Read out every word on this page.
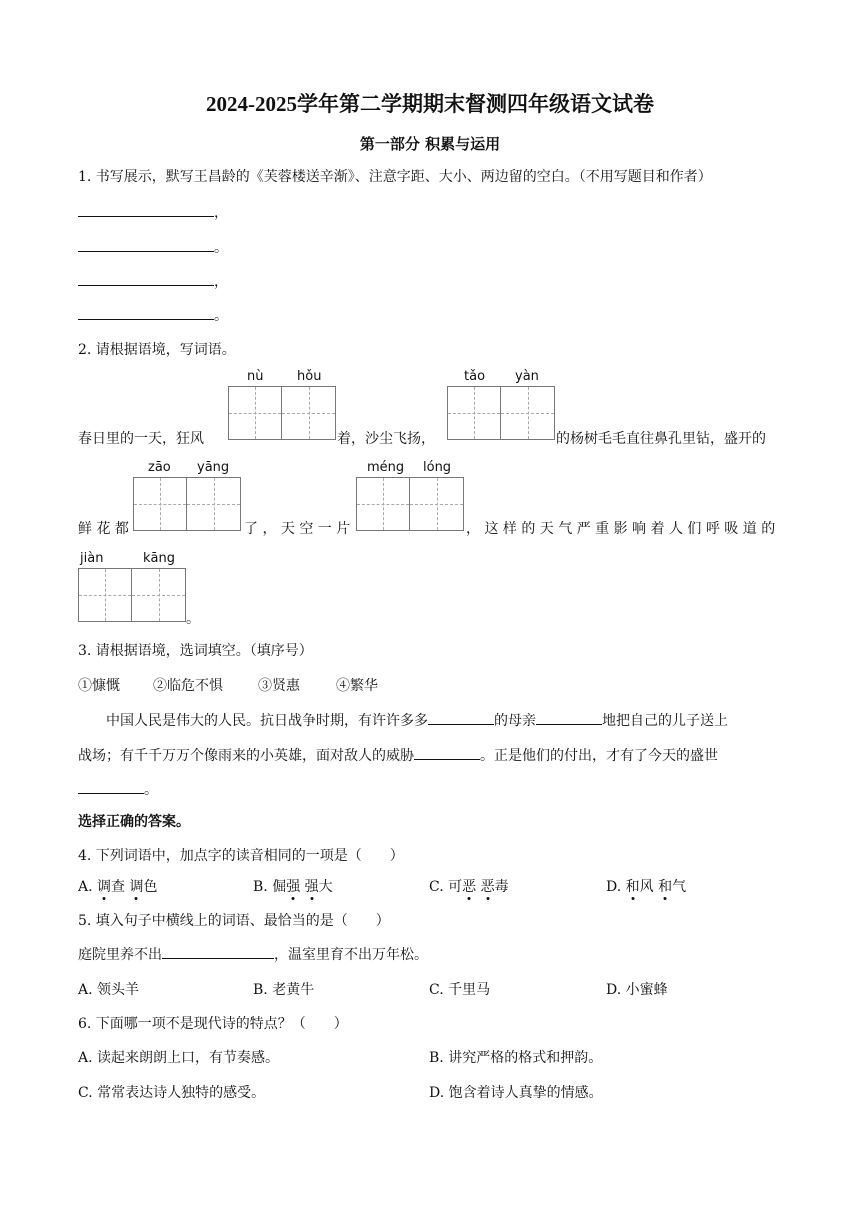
2024-2025学年第二学期期末督测四年级语文试卷
第一部分 积累与运用
1. 书写展示，默写王昌龄的《芙蓉楼送辛渐》、注意字距、大小、两边留的空白。（不用写题目和作者）
，
。
，
。
2. 请根据语境，写词语。
nù	hǒu	tǎo yàn
春日里的一天，狂风	着，沙尘飞扬，	的杨树毛毛直往鼻孔里钻，盛开的
zāo yāng	méng lóng
鲜 花 都	了 ， 天 空 一 片	， 这 样 的 天 气 严 重 影 响 着 人 们 呼 吸 道 的
jiàn	kāng
。
3. 请根据语境，选词填空。（填序号）
①慷慨 ②临危不惧	③贤惠	④繁华
中国人民是伟大的人民。抗日战争时期，有许许多多	的母亲	地把自己的儿子送上
战场；有千千万万个像雨来的小英雄，面对敌人的威胁	。正是他们的付出，才有了今天的盛世
。
选择正确的答案。
4. 下列词语中，加点字的读音相同的一项是（　　）
A. 调查 调色	B. 倔强 强大	C. 可恶 恶毒	D. 和风 和气
5. 填入句子中横线上的词语、最恰当的是（　　）
庭院里养不出	，温室里育不出万年松。
A. 领头羊	B. 老黄牛	C. 千里马	D. 小蜜蜂
6. 下面哪一项不是现代诗的特点？（　　）
A. 读起来朗朗上口，有节奏感。	B. 讲究严格的格式和押韵。
C. 常常表达诗人独特的感受。	D. 饱含着诗人真挚的情感。
